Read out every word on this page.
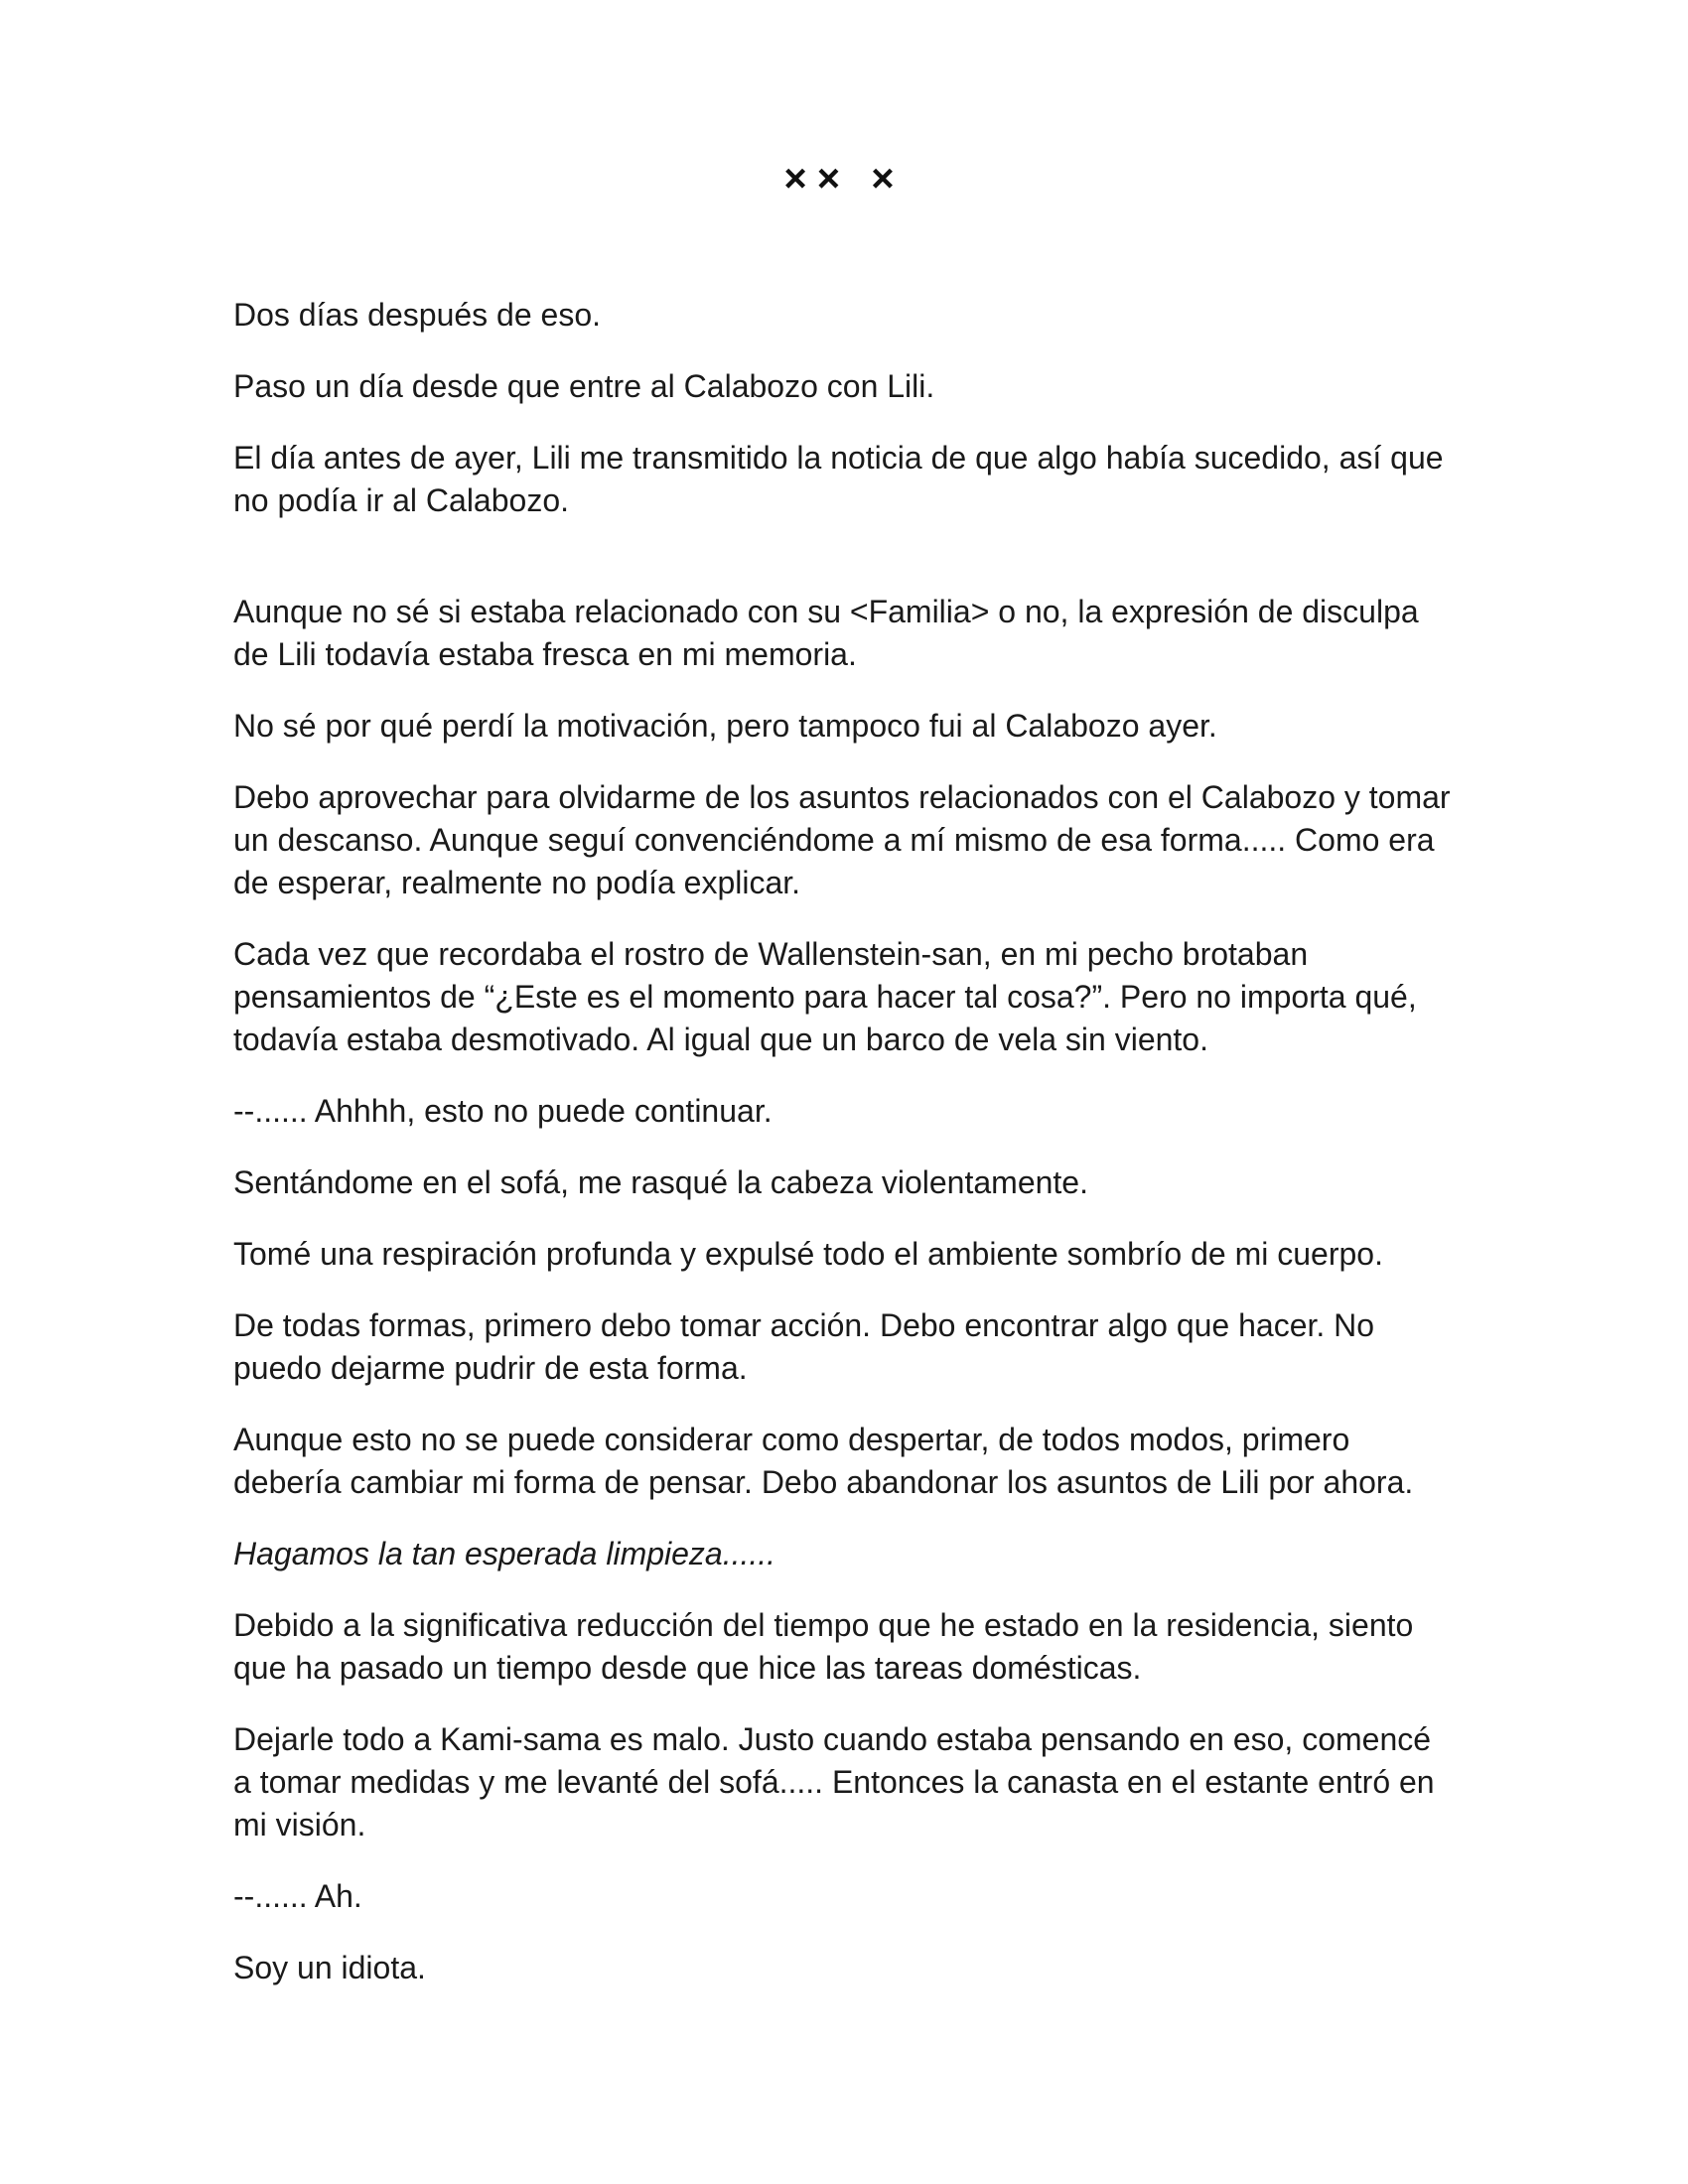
×× ×

Dos días después de eso.

Paso un día desde que entre al Calabozo con Lili.

El día antes de ayer, Lili me transmitido la noticia de que algo había sucedido, así que no podía ir al Calabozo.

Aunque no sé si estaba relacionado con su <Familia> o no, la expresión de disculpa de Lili todavía estaba fresca en mi memoria.

No sé por qué perdí la motivación, pero tampoco fui al Calabozo ayer.

Debo aprovechar para olvidarme de los asuntos relacionados con el Calabozo y tomar un descanso. Aunque seguí convenciéndome a mí mismo de esa forma..... Como era de esperar, realmente no podía explicar.

Cada vez que recordaba el rostro de Wallenstein-san, en mi pecho brotaban pensamientos de “¿Este es el momento para hacer tal cosa?”. Pero no importa qué, todavía estaba desmotivado. Al igual que un barco de vela sin viento.

--...... Ahhhh, esto no puede continuar.

Sentándome en el sofá, me rasqué la cabeza violentamente.

Tomé una respiración profunda y expulsé todo el ambiente sombrío de mi cuerpo.

De todas formas, primero debo tomar acción. Debo encontrar algo que hacer. No puedo dejarme pudrir de esta forma.

Aunque esto no se puede considerar como despertar, de todos modos, primero debería cambiar mi forma de pensar. Debo abandonar los asuntos de Lili por ahora.

Hagamos la tan esperada limpieza......

Debido a la significativa reducción del tiempo que he estado en la residencia, siento que ha pasado un tiempo desde que hice las tareas domésticas.

Dejarle todo a Kami-sama es malo. Justo cuando estaba pensando en eso, comencé a tomar medidas y me levanté del sofá..... Entonces la canasta en el estante entró en mi visión.

--...... Ah.

Soy un idiota.
